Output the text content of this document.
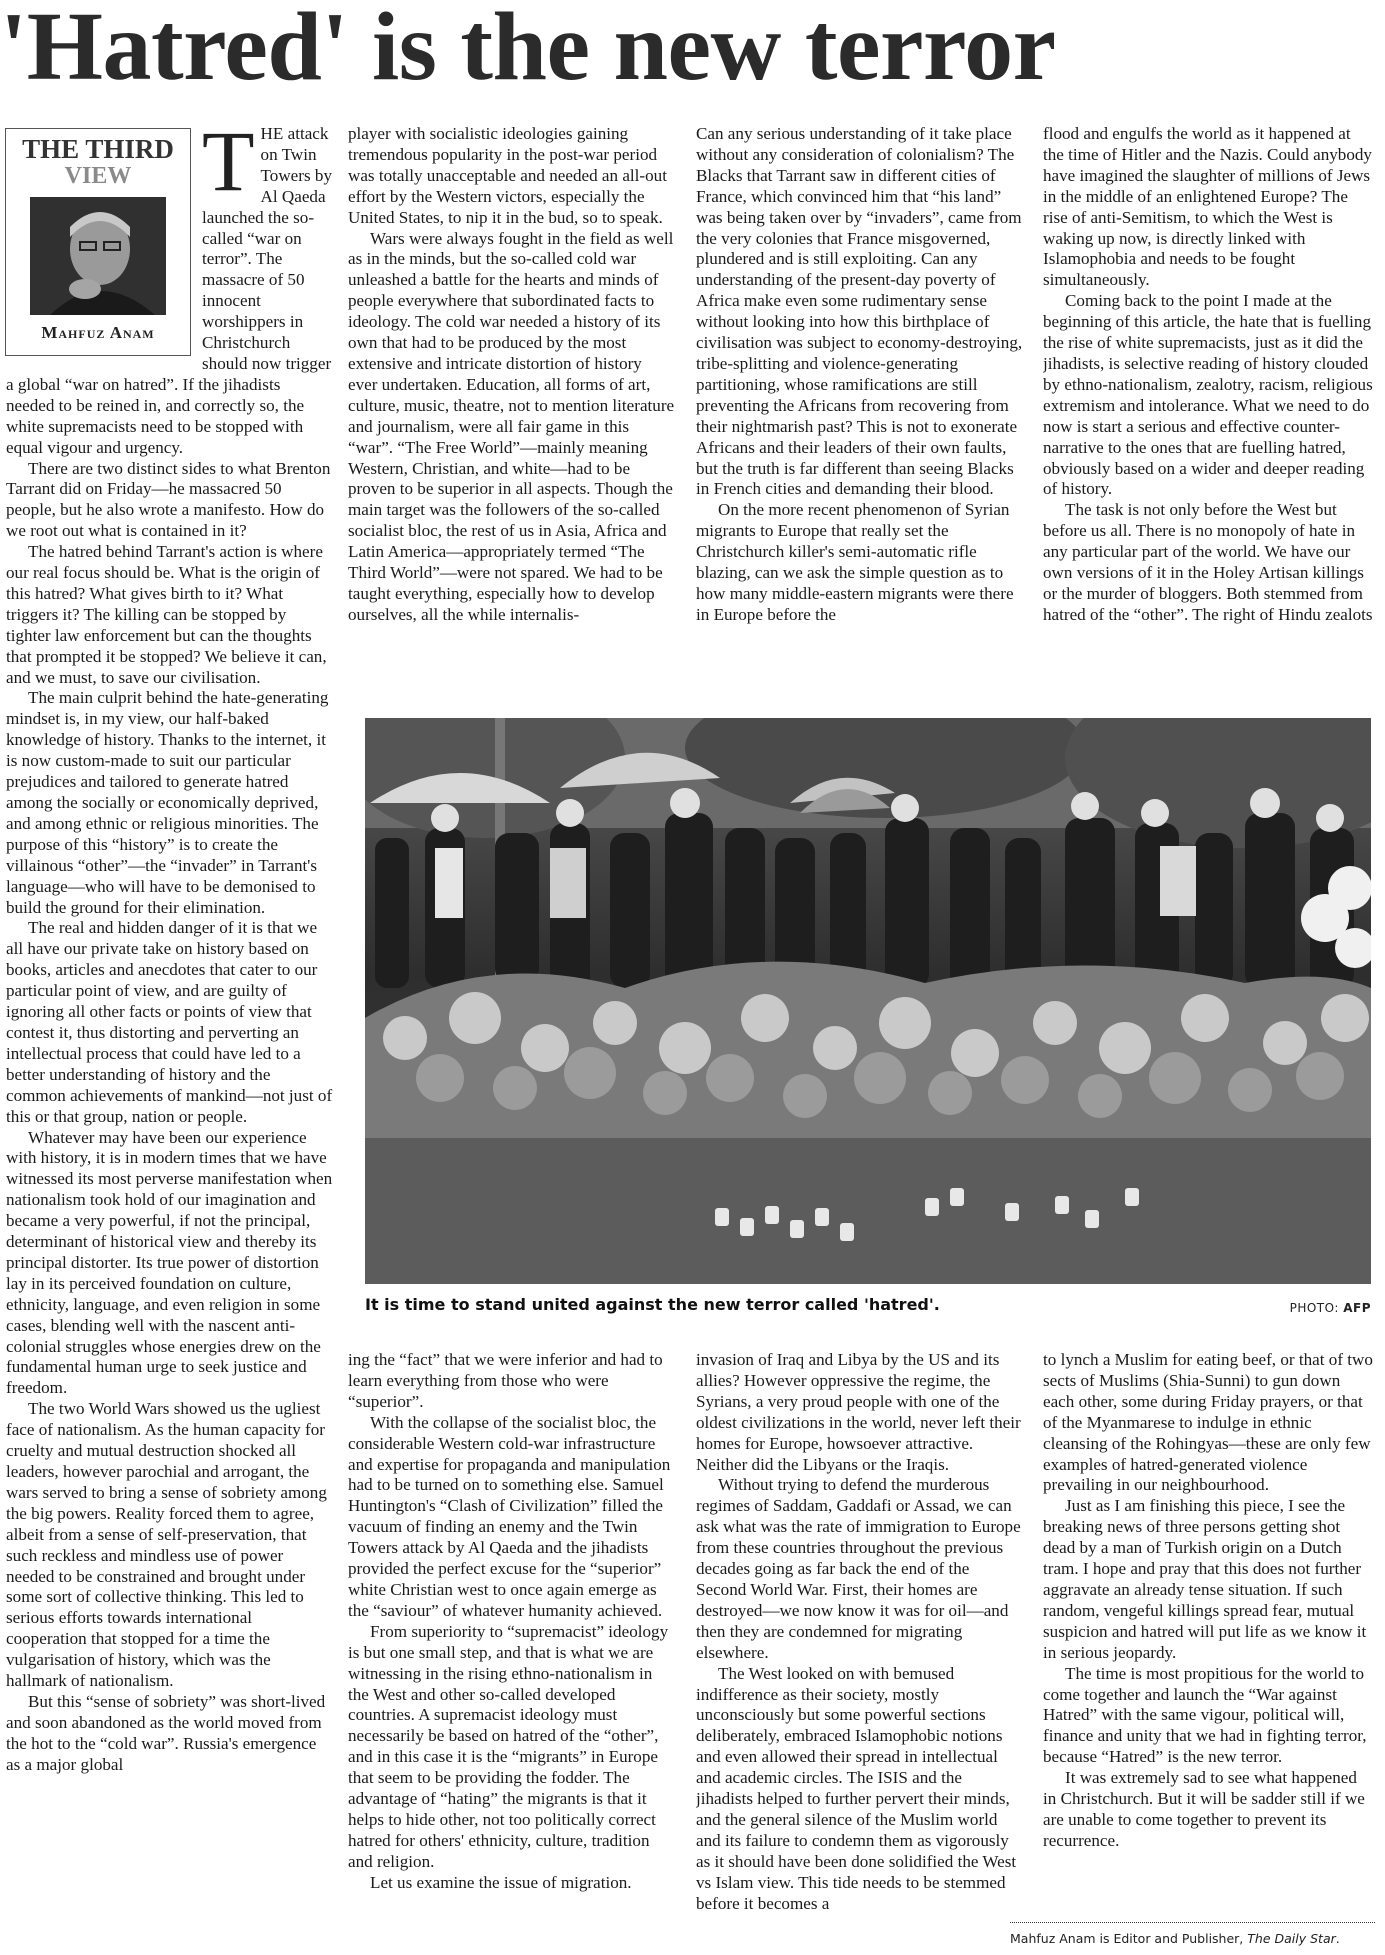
'Hatred' is the new terror
THE THIRD
VIEW
Mahfuz Anam
T HE attack on Twin Towers by Al Qaeda launched the so-called “war on terror”. The massacre of 50 innocent worshippers in Christchurch should now trigger a global “war on hatred”. If the jihadists needed to be reined in, and correctly so, the white supremacists need to be stopped with equal vigour and urgency.

There are two distinct sides to what Brenton Tarrant did on Friday—he massacred 50 people, but he also wrote a manifesto. How do we root out what is contained in it?

The hatred behind Tarrant's action is where our real focus should be. What is the origin of this hatred? What gives birth to it? What triggers it? The killing can be stopped by tighter law enforcement but can the thoughts that prompted it be stopped? We believe it can, and we must, to save our civilisation.

The main culprit behind the hate-generating mindset is, in my view, our half-baked knowledge of history. Thanks to the internet, it is now custom-made to suit our particular prejudices and tailored to generate hatred among the socially or economically deprived, and among ethnic or religious minorities. The purpose of this “history” is to create the villainous “other”—the “invader” in Tarrant's language—who will have to be demonised to build the ground for their elimination.

The real and hidden danger of it is that we all have our private take on history based on books, articles and anecdotes that cater to our particular point of view, and are guilty of ignoring all other facts or points of view that contest it, thus distorting and perverting an intellectual process that could have led to a better understanding of history and the common achievements of mankind—not just of this or that group, nation or people.

Whatever may have been our experience with history, it is in modern times that we have witnessed its most perverse manifestation when nationalism took hold of our imagination and became a very powerful, if not the principal, determinant of historical view and thereby its principal distorter. Its true power of distortion lay in its perceived foundation on culture, ethnicity, language, and even religion in some cases, blending well with the nascent anti-colonial struggles whose energies drew on the fundamental human urge to seek justice and freedom.

The two World Wars showed us the ugliest face of nationalism. As the human capacity for cruelty and mutual destruction shocked all leaders, however parochial and arrogant, the wars served to bring a sense of sobriety among the big powers. Reality forced them to agree, albeit from a sense of self-preservation, that such reckless and mindless use of power needed to be constrained and brought under some sort of collective thinking. This led to serious efforts towards international cooperation that stopped for a time the vulgarisation of history, which was the hallmark of nationalism.

But this “sense of sobriety” was short-lived and soon abandoned as the world moved from the hot to the “cold war”. Russia's emergence as a major global

player with socialistic ideologies gaining tremendous popularity in the post-war period was totally unacceptable and needed an all-out effort by the Western victors, especially the United States, to nip it in the bud, so to speak.

Wars were always fought in the field as well as in the minds, but the so-called cold war unleashed a battle for the hearts and minds of people everywhere that subordinated facts to ideology. The cold war needed a history of its own that had to be produced by the most extensive and intricate distortion of history ever undertaken. Education, all forms of art, culture, music, theatre, not to mention literature and journalism, were all fair game in this “war”. “The Free World”—mainly meaning Western, Christian, and white—had to be proven to be superior in all aspects. Though the main target was the followers of the so-called socialist bloc, the rest of us in Asia, Africa and Latin America—appropriately termed “The Third World”—were not spared. We had to be taught everything, especially how to develop ourselves, all the while internalis-

Can any serious understanding of it take place without any consideration of colonialism? The Blacks that Tarrant saw in different cities of France, which convinced him that “his land” was being taken over by “invaders”, came from the very colonies that France misgoverned, plundered and is still exploiting. Can any understanding of the present-day poverty of Africa make even some rudimentary sense without looking into how this birthplace of civilisation was subject to economy-destroying, tribe-splitting and violence-generating partitioning, whose ramifications are still preventing the Africans from recovering from their nightmarish past? This is not to exonerate Africans and their leaders of their own faults, but the truth is far different than seeing Blacks in French cities and demanding their blood.

On the more recent phenomenon of Syrian migrants to Europe that really set the Christchurch killer's semi-automatic rifle blazing, can we ask the simple question as to how many middle-eastern migrants were there in Europe before the

flood and engulfs the world as it happened at the time of Hitler and the Nazis. Could anybody have imagined the slaughter of millions of Jews in the middle of an enlightened Europe? The rise of anti-Semitism, to which the West is waking up now, is directly linked with Islamophobia and needs to be fought simultaneously.

Coming back to the point I made at the beginning of this article, the hate that is fuelling the rise of white supremacists, just as it did the jihadists, is selective reading of history clouded by ethno-nationalism, zealotry, racism, religious extremism and intolerance. What we need to do now is start a serious and effective counter-narrative to the ones that are fuelling hatred, obviously based on a wider and deeper reading of history.

The task is not only before the West but before us all. There is no monopoly of hate in any particular part of the world. We have our own versions of it in the Holey Artisan killings or the murder of bloggers. Both stemmed from hatred of the “other”. The right of Hindu zealots

It is time to stand united against the new terror called 'hatred'.	PHOTO: AFP

ing the “fact” that we were inferior and had to learn everything from those who were “superior”.

With the collapse of the socialist bloc, the considerable Western cold-war infrastructure and expertise for propaganda and manipulation had to be turned on to something else. Samuel Huntington's “Clash of Civilization” filled the vacuum of finding an enemy and the Twin Towers attack by Al Qaeda and the jihadists provided the perfect excuse for the “superior” white Christian west to once again emerge as the “saviour” of whatever humanity achieved.

From superiority to “supremacist” ideology is but one small step, and that is what we are witnessing in the rising ethno-nationalism in the West and other so-called developed countries. A supremacist ideology must necessarily be based on hatred of the “other”, and in this case it is the “migrants” in Europe that seem to be providing the fodder. The advantage of “hating” the migrants is that it helps to hide other, not too politically correct hatred for others' ethnicity, culture, tradition and religion.

Let us examine the issue of migration.

invasion of Iraq and Libya by the US and its allies? However oppressive the regime, the Syrians, a very proud people with one of the oldest civilizations in the world, never left their homes for Europe, howsoever attractive. Neither did the Libyans or the Iraqis.

Without trying to defend the murderous regimes of Saddam, Gaddafi or Assad, we can ask what was the rate of immigration to Europe from these countries throughout the previous decades going as far back the end of the Second World War. First, their homes are destroyed—we now know it was for oil—and then they are condemned for migrating elsewhere.

The West looked on with bemused indifference as their society, mostly unconsciously but some powerful sections deliberately, embraced Islamophobic notions and even allowed their spread in intellectual and academic circles. The ISIS and the jihadists helped to further pervert their minds, and the general silence of the Muslim world and its failure to condemn them as vigorously as it should have been done solidified the West vs Islam view. This tide needs to be stemmed before it becomes a

to lynch a Muslim for eating beef, or that of two sects of Muslims (Shia-Sunni) to gun down each other, some during Friday prayers, or that of the Myanmarese to indulge in ethnic cleansing of the Rohingyas—these are only few examples of hatred-generated violence prevailing in our neighbourhood.

Just as I am finishing this piece, I see the breaking news of three persons getting shot dead by a man of Turkish origin on a Dutch tram. I hope and pray that this does not further aggravate an already tense situation. If such random, vengeful killings spread fear, mutual suspicion and hatred will put life as we know it in serious jeopardy.

The time is most propitious for the world to come together and launch the “War against Hatred” with the same vigour, political will, finance and unity that we had in fighting terror, because “Hatred” is the new terror.

It was extremely sad to see what happened in Christchurch. But it will be sadder still if we are unable to come together to prevent its recurrence.

Mahfuz Anam is Editor and Publisher, The Daily Star.
